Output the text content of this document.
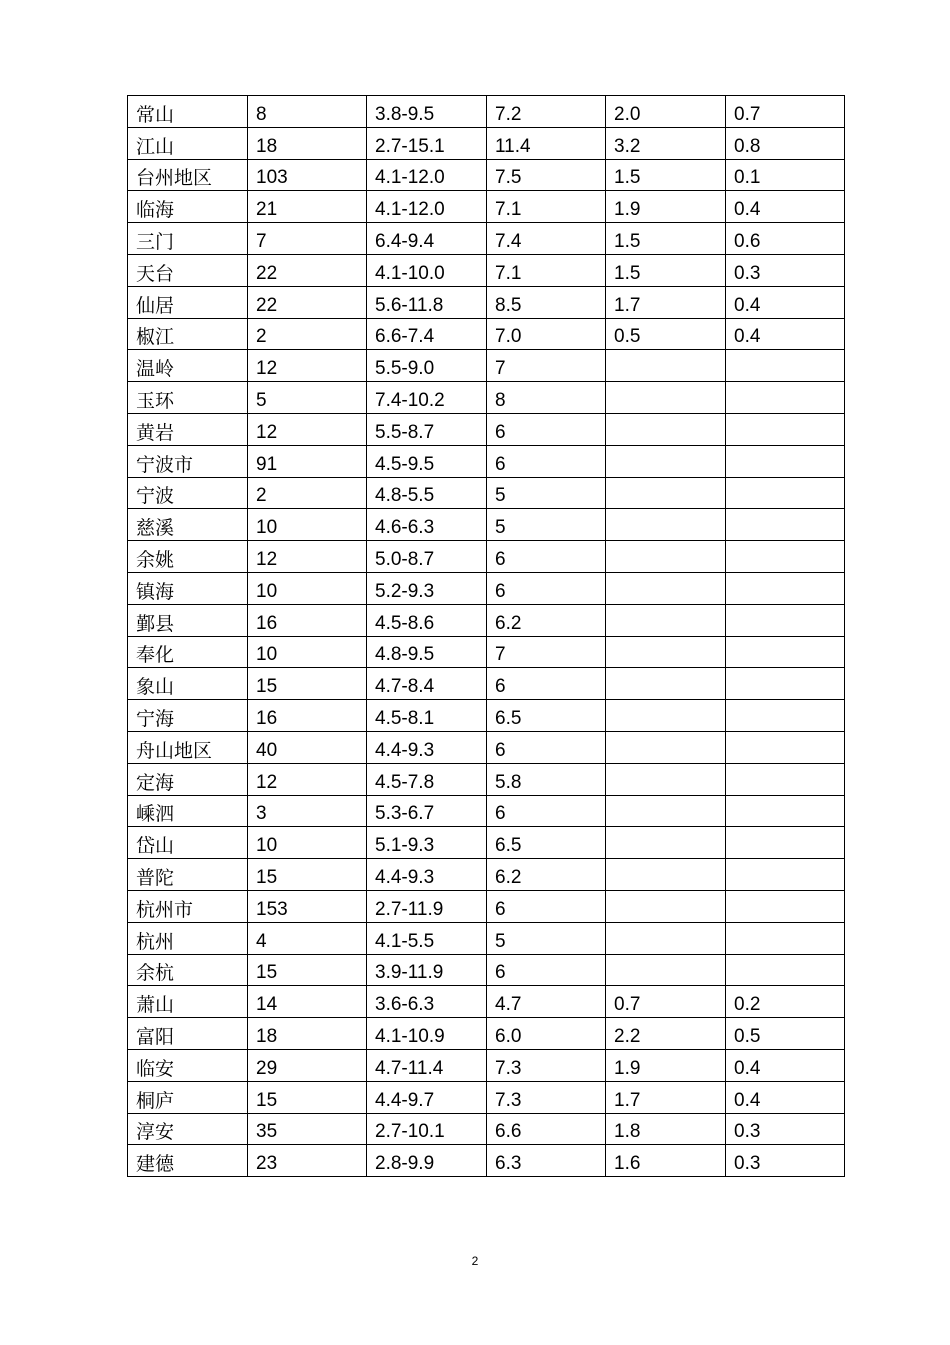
常山	8	3.8-9.5	7.2	2.0	0.7
江山	18	2.7-15.1	11.4	3.2	0.8
台州地区	103	4.1-12.0	7.5	1.5	0.1
临海	21	4.1-12.0	7.1	1.9	0.4
三门	7	6.4-9.4	7.4	1.5	0.6
天台	22	4.1-10.0	7.1	1.5	0.3
仙居	22	5.6-11.8	8.5	1.7	0.4
椒江	2	6.6-7.4	7.0	0.5	0.4
温岭	12	5.5-9.0	7		
玉环	5	7.4-10.2	8		
黄岩	12	5.5-8.7	6		
宁波市	91	4.5-9.5	6		
宁波	2	4.8-5.5	5		
慈溪	10	4.6-6.3	5		
余姚	12	5.0-8.7	6		
镇海	10	5.2-9.3	6		
鄞县	16	4.5-8.6	6.2		
奉化	10	4.8-9.5	7		
象山	15	4.7-8.4	6		
宁海	16	4.5-8.1	6.5		
舟山地区	40	4.4-9.3	6		
定海	12	4.5-7.8	5.8		
嵊泗	3	5.3-6.7	6		
岱山	10	5.1-9.3	6.5		
普陀	15	4.4-9.3	6.2		
杭州市	153	2.7-11.9	6		
杭州	4	4.1-5.5	5		
余杭	15	3.9-11.9	6		
萧山	14	3.6-6.3	4.7	0.7	0.2
富阳	18	4.1-10.9	6.0	2.2	0.5
临安	29	4.7-11.4	7.3	1.9	0.4
桐庐	15	4.4-9.7	7.3	1.7	0.4
淳安	35	2.7-10.1	6.6	1.8	0.3
建德	23	2.8-9.9	6.3	1.6	0.3
2
